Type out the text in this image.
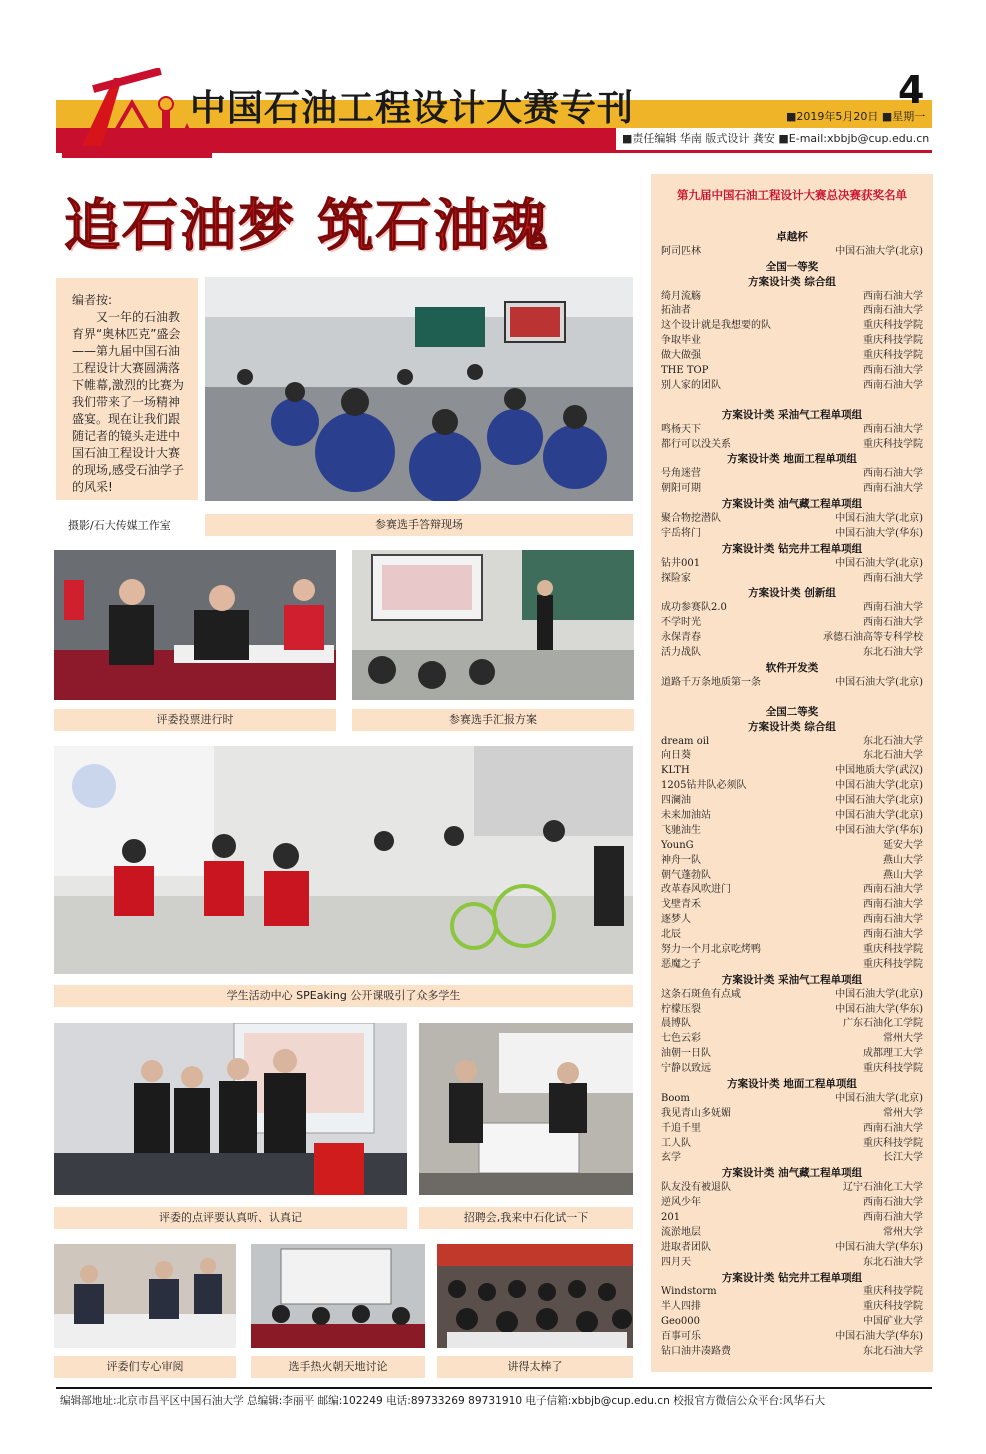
中国石油工程设计大赛专刊	4
■2019年5月20日 ■星期一
■责任编辑 华南 版式设计 龚安 ■E-mail:xbbjb@cup.edu.cn
追石油梦 筑石油魂
编者按:
又一年的石油教育界“奥林匹克”盛会——第九届中国石油工程设计大赛圆满落下帷幕,激烈的比赛为我们带来了一场精神盛宴。现在让我们跟随记者的镜头走进中国石油工程设计大赛的现场,感受石油学子的风采!
摄影/石大传媒工作室	参赛选手答辩现场
评委投票进行时	参赛选手汇报方案
学生活动中心 SPEaking 公开课吸引了众多学生
评委的点评要认真听、认真记	招聘会,我来中石化试一下
评委们专心审阅	选手热火朝天地讨论	讲得太棒了
第九届中国石油工程设计大赛总决赛获奖名单
卓越杯
阿司匹林	中国石油大学(北京)
全国一等奖
方案设计类 综合组
绮月流觞	西南石油大学
拓油者	西南石油大学
这个设计就是我想要的队	重庆科技学院
争取毕业	重庆科技学院
做大做强	重庆科技学院
THE TOP	西南石油大学
别人家的团队	西南石油大学
方案设计类 采油气工程单项组
鸣杨天下	西南石油大学
都行可以没关系	重庆科技学院
方案设计类 地面工程单项组
号角迷营	西南石油大学
朝阳可期	西南石油大学
方案设计类 油气藏工程单项组
聚合物挖潜队	中国石油大学(北京)
宇岳将门	中国石油大学(华东)
方案设计类 钻完井工程单项组
钻井001	中国石油大学(北京)
探险家	西南石油大学
方案设计类 创新组
成功参赛队2.0	西南石油大学
不学时光	西南石油大学
永保青春	承德石油高等专科学校
活力战队	东北石油大学
软件开发类
道路千万条地质第一条	中国石油大学(北京)
全国二等奖
方案设计类 综合组
dream oil	东北石油大学
向日葵	东北石油大学
KLTH	中国地质大学(武汉)
1205钻井队必须队	中国石油大学(北京)
四澜油	中国石油大学(北京)
未来加油站	中国石油大学(北京)
飞驰油生	中国石油大学(华东)
YounG	延安大学
神舟一队	燕山大学
朝气蓬勃队	燕山大学
改革春风吹进门	西南石油大学
戈壁青禾	西南石油大学
逐梦人	西南石油大学
北辰	西南石油大学
努力一个月北京吃烤鸭	重庆科技学院
恶魔之子	重庆科技学院
方案设计类 采油气工程单项组
这条石斑鱼有点咸	中国石油大学(北京)
柠檬压裂	中国石油大学(华东)
晨博队	广东石油化工学院
七色云彩	常州大学
油朝一日队	成都理工大学
宁静以致远	重庆科技学院
方案设计类 地面工程单项组
Boom	中国石油大学(北京)
我见青山多妩媚	常州大学
千追千里	西南石油大学
工人队	重庆科技学院
玄学	长江大学
方案设计类 油气藏工程单项组
队友没有被退队	辽宁石油化工大学
逆风少年	西南石油大学
201	西南石油大学
流淤地层	常州大学
进取者团队	中国石油大学(华东)
四月天	东北石油大学
方案设计类 钻完井工程单项组
Windstorm	重庆科技学院
半人四排	重庆科技学院
Geo000	中国矿业大学
百事可乐	中国石油大学(华东)
钻口油井凑路费	东北石油大学
编辑部地址:北京市昌平区中国石油大学 总编辑:李丽平 邮编:102249 电话:89733269 89731910 电子信箱:xbbjb@cup.edu.cn 校报官方微信公众平台:风华石大
